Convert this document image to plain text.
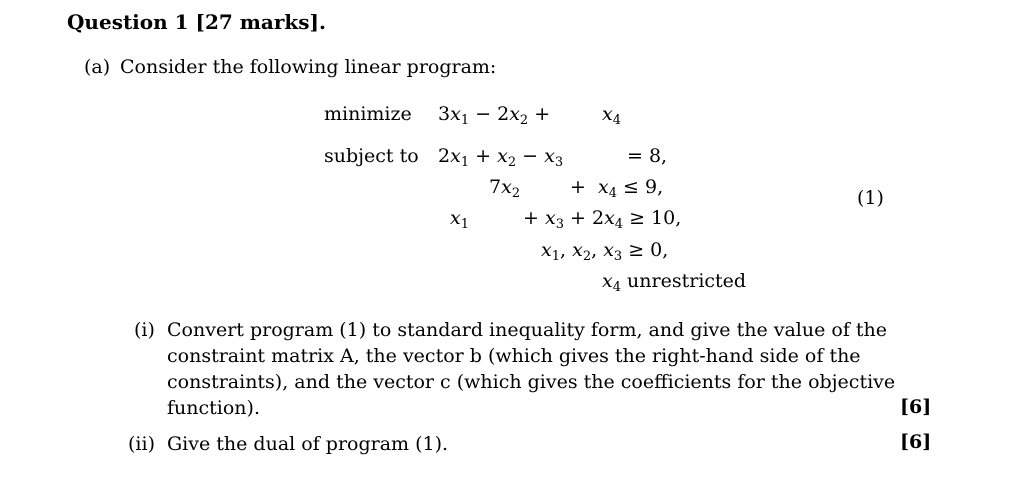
Question 1 [27 marks].
(a) Consider the following linear program:
minimize $3x_1 - 2x_2$ +	$x_4$
subject to $2x_1 + x_2 - x_3$	= 8,
$7x_2$	+  $x_4 \le 9$,
$x_1$	+ $x_3 + 2x_4 \ge 10$,
$x_1$, $x_2$, $x_3 \ge 0$,
$x_4$ unrestricted
(1)
(i) Convert program (1) to standard inequality form, and give the value of the
constraint matrix A, the vector b (which gives the right-hand side of the
constraints), and the vector c (which gives the coefficients for the objective
function).	[6]
(ii) Give the dual of program (1).	[6]
